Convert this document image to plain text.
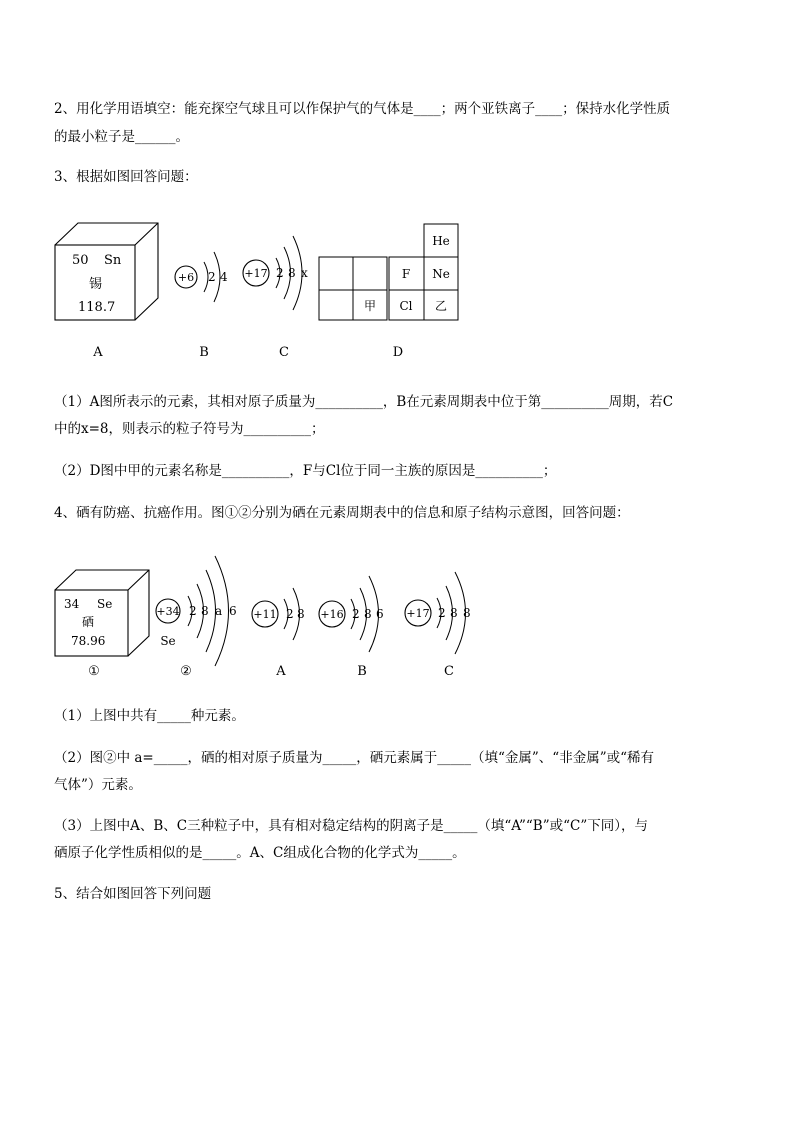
2、用化学用语填空：能充探空气球且可以作保护气的气体是____；两个亚铁离子____；保持水化学性质
的最小粒子是______。
3、根据如图回答问题：
50 Sn
锡
118.7
+6 2 4 +17 2 8 x
He
F Ne
甲 Cl 乙
A	B	C	D
（1）A图所表示的元素，其相对原子质量为__________，B在元素周期表中位于第__________周期，若C
中的x=8，则表示的粒子符号为__________；
（2）D图中甲的元素名称是__________，F与Cl位于同一主族的原因是__________；
4、硒有防癌、抗癌作用。图①②分别为硒在元素周期表中的信息和原子结构示意图，回答问题：
34 Se
硒
78.96
+34 2 8 a 6
Se
+11 2 8 +16 2 8 6 +17 2 8 8
①	②	A	B	C
（1）上图中共有_____种元素。
（2）图②中 a=_____，硒的相对原子质量为_____，硒元素属于_____（填“金属”、“非金属”或“稀有
气体”）元素。
（3）上图中A、B、C三种粒子中，具有相对稳定结构的阴离子是_____（填“A”“B”或“C”下同），与
硒原子化学性质相似的是_____。A、C组成化合物的化学式为_____。
5、结合如图回答下列问题
